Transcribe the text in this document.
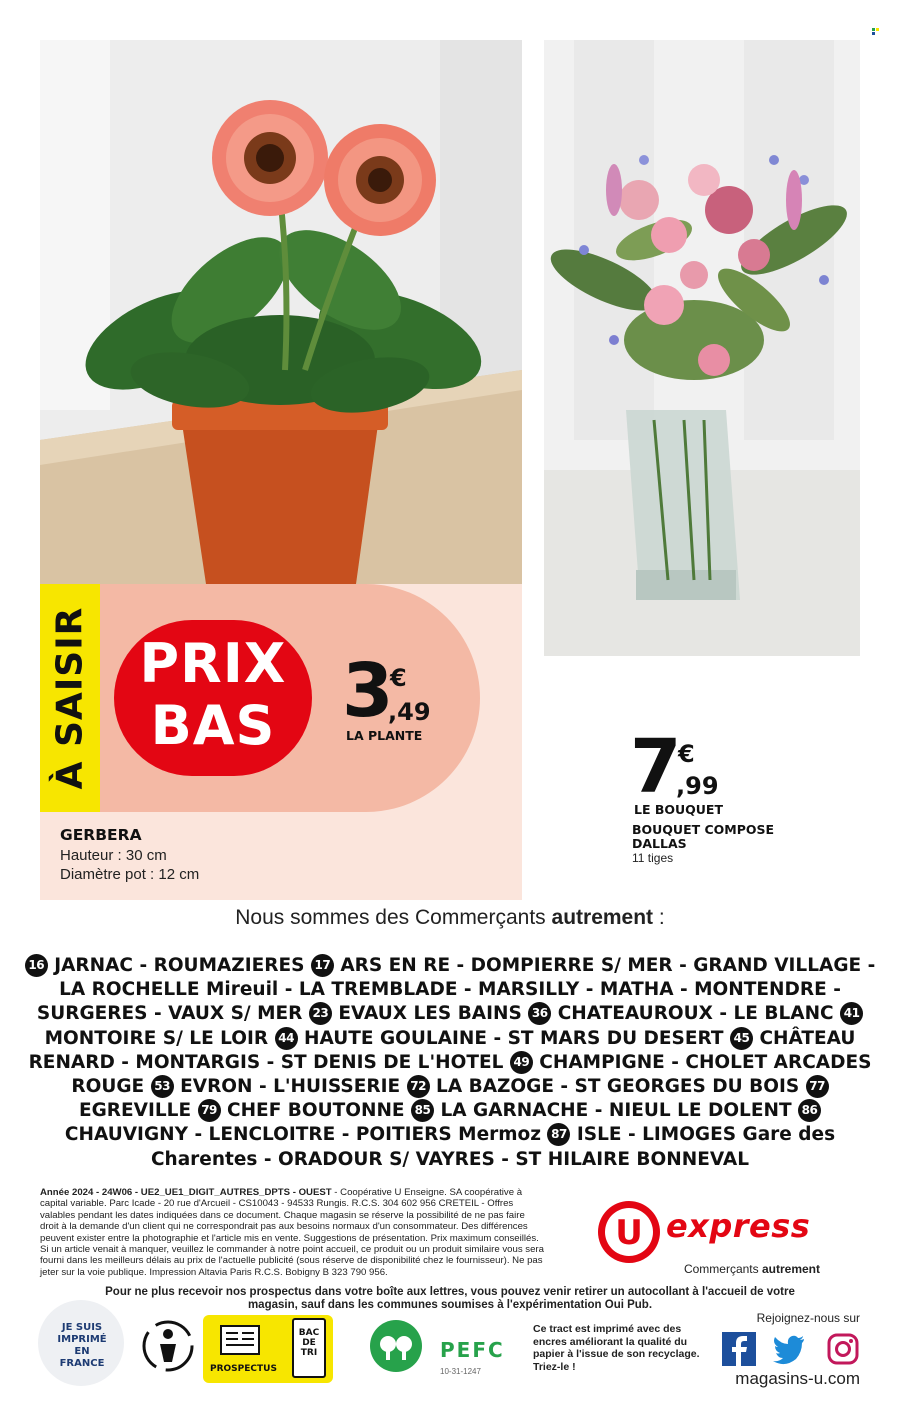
À SAISIR PRIX
BAS 3
€
,49
LA PLANTE
GERBERA
Hauteur : 30 cm
Diamètre pot : 12 cm
7
€
,99
LE BOUQUET
BOUQUET COMPOSE
DALLAS
11 tiges
Nous sommes des Commerçants autrement :
16 JARNAC - ROUMAZIERES 17 ARS EN RE - DOMPIERRE S/ MER - GRAND VILLAGE - LA ROCHELLE Mireuil - LA TREMBLADE - MARSILLY - MATHA - MONTENDRE - SURGERES - VAUX S/ MER 23 EVAUX LES BAINS 36 CHATEAUROUX - LE BLANC 41 MONTOIRE S/ LE LOIR 44 HAUTE GOULAINE - ST MARS DU DESERT 45 CHÂTEAU RENARD - MONTARGIS - ST DENIS DE L'HOTEL 49 CHAMPIGNE - CHOLET ARCADES ROUGE 53 EVRON - L'HUISSERIE 72 LA BAZOGE - ST GEORGES DU BOIS 77 EGREVILLE 79 CHEF BOUTONNE 85 LA GARNACHE - NIEUL LE DOLENT 86 CHAUVIGNY - LENCLOITRE - POITIERS Mermoz 87 ISLE - LIMOGES Gare des Charentes - ORADOUR S/ VAYRES - ST HILAIRE BONNEVAL
Année 2024 - 24W06 - UE2_UE1_DIGIT_AUTRES_DPTS - OUEST - Coopérative U Enseigne. SA coopérative à capital variable. Parc Icade - 20 rue d'Arcueil - CS10043 - 94533 Rungis. R.C.S. 304 602 956 CRETEIL - Offres valables pendant les dates indiquées dans ce document. Chaque magasin se réserve la possibilité de ne pas faire droit à la demande d'un client qui ne correspondrait pas aux besoins normaux d'un consommateur. Des différences peuvent exister entre la photographie et l'article mis en vente. Suggestions de présentation. Prix maximum conseillés. Si un article venait à manquer, veuillez le commander à notre point accueil, ce produit ou un produit similaire vous sera fourni dans les meilleurs délais au prix de l'actuelle publicité (sous réserve de disponibilité chez le fournisseur). Ne pas jeter sur la voie publique. Impression Altavia Paris R.C.S. Bobigny B 323 790 956.
U express
Commerçants autrement
Pour ne plus recevoir nos prospectus dans votre boîte aux lettres, vous pouvez venir retirer un autocollant à l'accueil de votre magasin, sauf dans les communes soumises à l'expérimentation Oui Pub.
JE SUIS
IMPRIMÉ
EN
FRANCE	PROSPECTUS
BAC
DE
TRI	PEFC
10-31-1247
Ce tract est imprimé avec des encres améliorant la qualité du papier à l'issue de son recyclage. Triez-le !
Rejoignez-nous sur
magasins-u.com
